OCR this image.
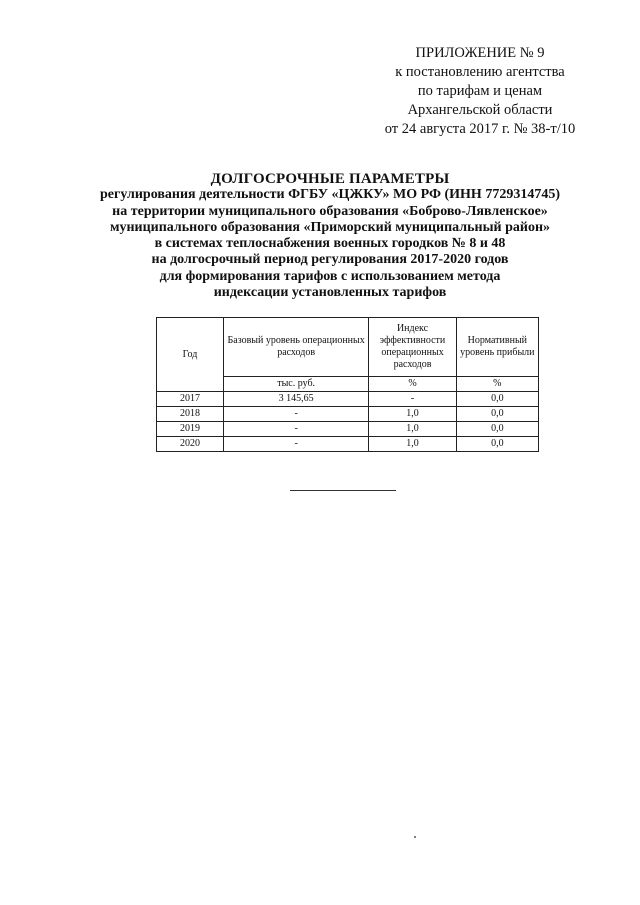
ПРИЛОЖЕНИЕ № 9
к постановлению агентства
по тарифам и ценам
Архангельской области
от 24 августа 2017 г. № 38-т/10
ДОЛГОСРОЧНЫЕ ПАРАМЕТРЫ
регулирования деятельности ФГБУ «ЦЖКУ» МО РФ (ИНН 7729314745)
на территории муниципального образования «Боброво-Лявленское»
муниципального образования «Приморский муниципальный район»
в системах теплоснабжения военных городков № 8 и 48
на долгосрочный период регулирования 2017-2020 годов
для формирования тарифов с использованием метода
индексации установленных тарифов
Год	Базовый уровень операционных расходов	Индекс эффективности операционных расходов	Нормативный уровень прибыли
	тыс. руб.	%	%
2017	3 145,65	-	0,0
2018	-	1,0	0,0
2019	-	1,0	0,0
2020	-	1,0	0,0
